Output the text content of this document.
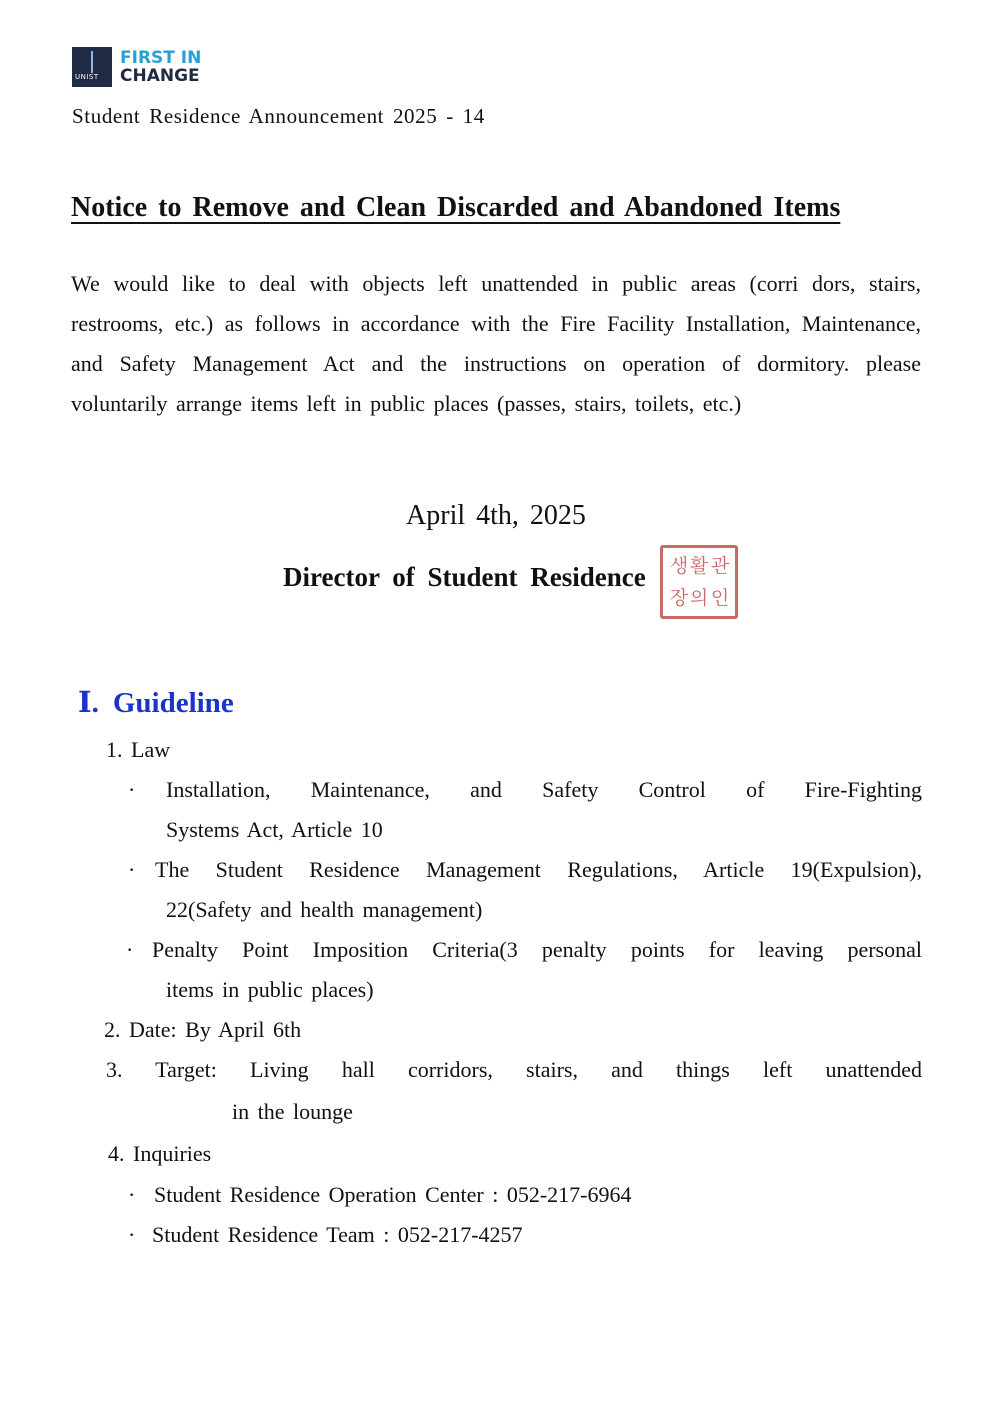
UNIST
FIRST IN
CHANGE
Student Residence Announcement 2025 - 14
Notice to Remove and Clean Discarded and Abandoned Items

We would like to deal with objects left unattended in public areas (corri dors, stairs, restrooms, etc.) as follows in accordance with the Fire Facility Installation, Maintenance, and Safety Management Act and the instructions on operation of dormitory. please voluntarily arrange items left in public places (passes, stairs, toilets, etc.)

April 4th, 2025
생 활 관
장 의 인
Director of Student Residence
Ⅰ. Guideline
1. Law
· Installation, Maintenance, and Safety Control of Fire-Fighting
Systems Act, Article 10
· The Student Residence Management Regulations, Article 19(Expulsion),
22(Safety and health management)
· Penalty Point Imposition Criteria(3 penalty points for leaving personal
items in public places)
2. Date: By April 6th
3. Target: Living hall corridors, stairs, and things left unattended
in the lounge
4. Inquiries
· Student Residence Operation Center : 052-217-6964
· Student Residence Team : 052-217-4257
